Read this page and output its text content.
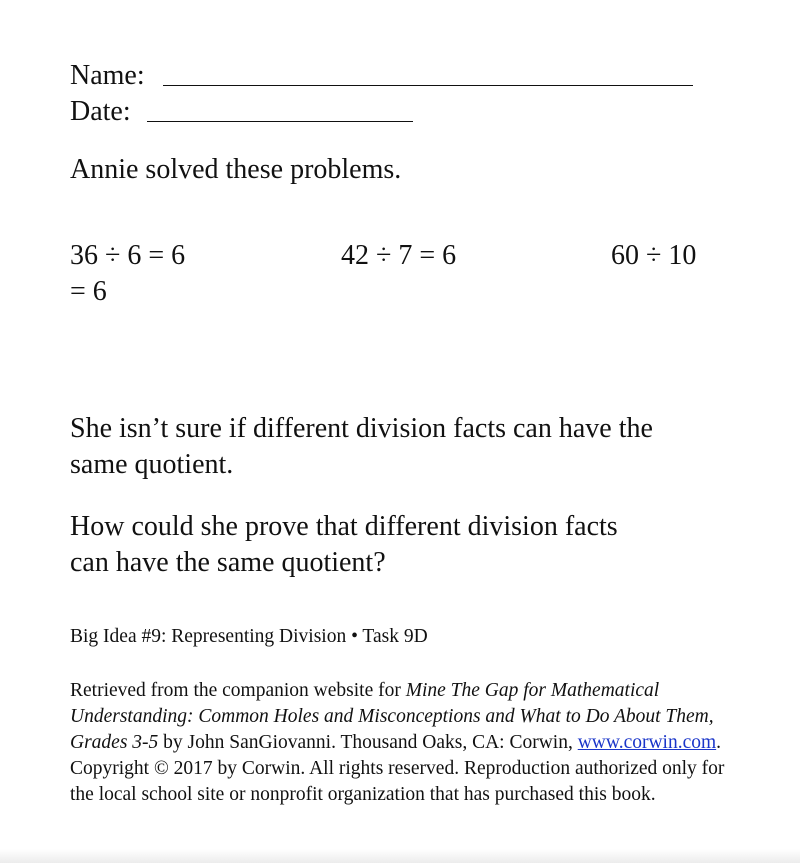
Name:
Date:
Annie solved these problems.
36 ÷ 6 = 6
= 6
42 ÷ 7 = 6	60 ÷ 10
She isn’t sure if different division facts can have the
same quotient.
How could she prove that different division facts
can have the same quotient?
Big Idea #9: Representing Division • Task 9D
Retrieved from the companion website for Mine The Gap for Mathematical Understanding: Common Holes and Misconceptions and What to Do About Them, Grades 3-5 by John SanGiovanni. Thousand Oaks, CA: Corwin, www.corwin.com. Copyright © 2017 by Corwin. All rights reserved. Reproduction authorized only for the local school site or nonprofit organization that has purchased this book.
